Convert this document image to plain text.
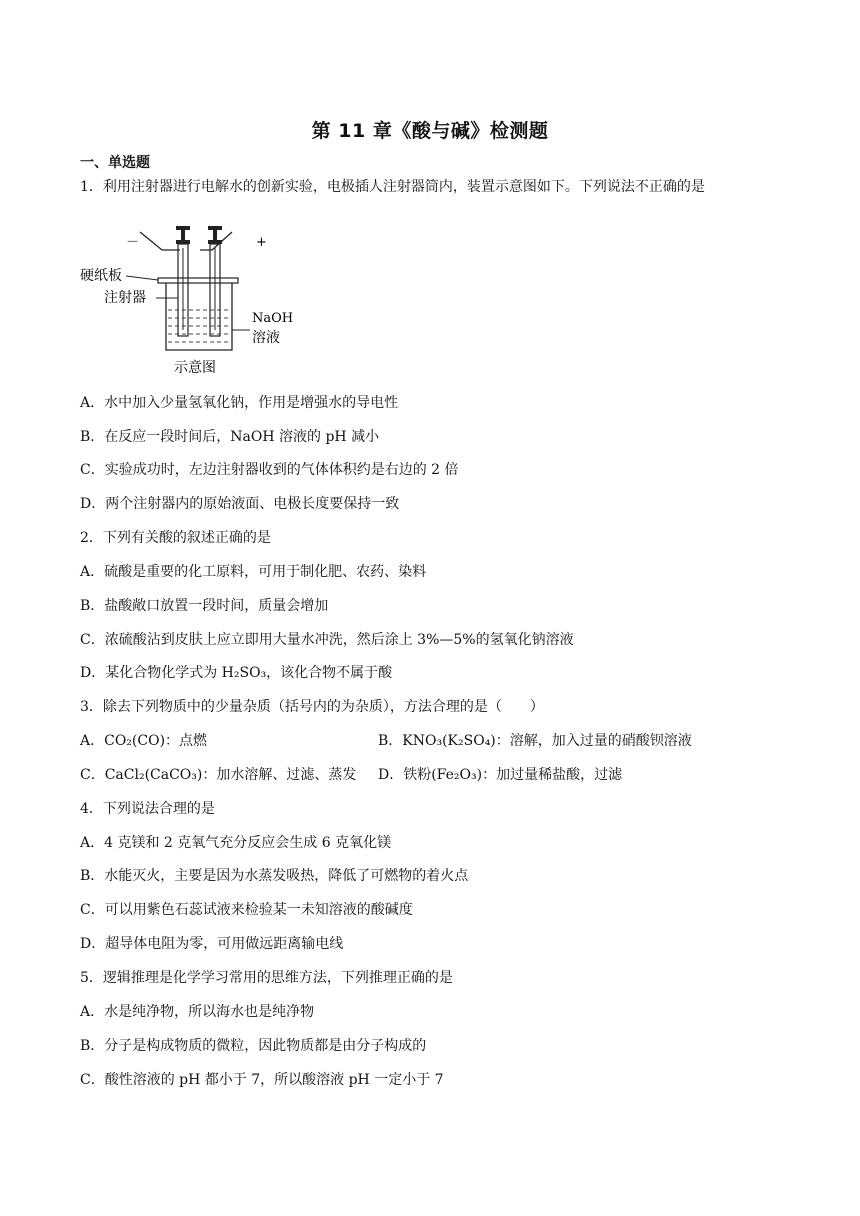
第 11 章《酸与碱》检测题
一、单选题
1．利用注射器进行电解水的创新实验，电极插人注射器筒内，装置示意图如下。下列说法不正确的是
－	+
硬纸板
注射器
NaOH
溶液
示意图
A．水中加入少量氢氧化钠，作用是增强水的导电性
B．在反应一段时间后，NaOH 溶液的 pH 减小
C．实验成功时，左边注射器收到的气体体积约是右边的 2 倍
D．两个注射器内的原始液面、电极长度要保持一致
2．下列有关酸的叙述正确的是
A．硫酸是重要的化工原料，可用于制化肥、农药、染料
B．盐酸敞口放置一段时间，质量会增加
C．浓硫酸沾到皮肤上应立即用大量水冲洗，然后涂上 3%—5%的氢氧化钠溶液
D．某化合物化学式为 H₂SO₃，该化合物不属于酸
3．除去下列物质中的少量杂质（括号内的为杂质），方法合理的是（　　）
A．CO₂(CO)：点燃	B．KNO₃(K₂SO₄)：溶解，加入过量的硝酸钡溶液
C．CaCl₂(CaCO₃)：加水溶解、过滤、蒸发 D．铁粉(Fe₂O₃)：加过量稀盐酸，过滤
4．下列说法合理的是
A．4 克镁和 2 克氧气充分反应会生成 6 克氧化镁
B．水能灭火，主要是因为水蒸发吸热，降低了可燃物的着火点
C．可以用紫色石蕊试液来检验某一未知溶液的酸碱度
D．超导体电阻为零，可用做远距离输电线
5．逻辑推理是化学学习常用的思维方法，下列推理正确的是
A．水是纯净物，所以海水也是纯净物
B．分子是构成物质的微粒，因此物质都是由分子构成的
C．酸性溶液的 pH 都小于 7，所以酸溶液 pH 一定小于 7
